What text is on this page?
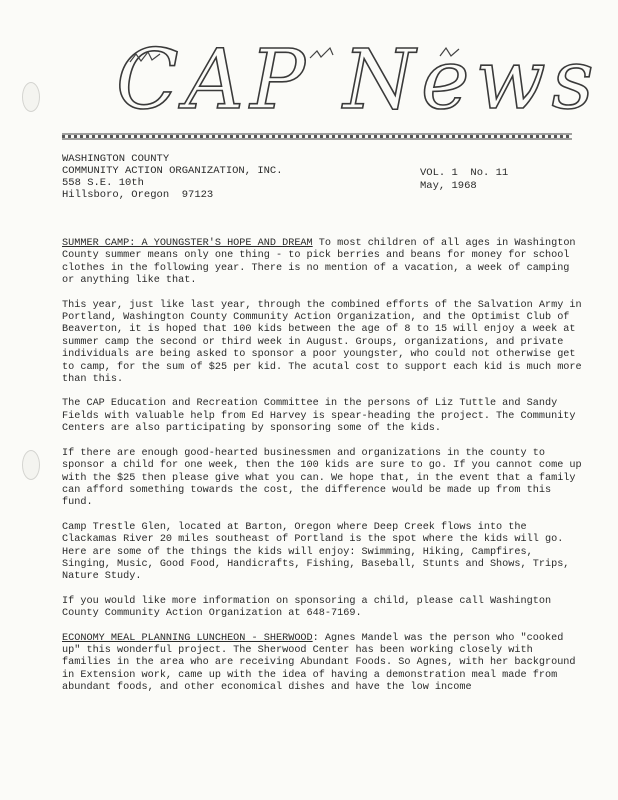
CAP News
WASHINGTON COUNTY
COMMUNITY ACTION ORGANIZATION, INC.
558 S.E. 10th
Hillsboro, Oregon  97123
VOL. 1  No. 11
May, 1968

SUMMER CAMP: A YOUNGSTER'S HOPE AND DREAM To most children of all ages in Washington County summer means only one thing - to pick berries and beans for money for school clothes in the following year. There is no mention of a vacation, a week of camping or anything like that.

This year, just like last year, through the combined efforts of the Salvation Army in Portland, Washington County Community Action Organization, and the Optimist Club of Beaverton, it is hoped that 100 kids between the age of 8 to 15 will enjoy a week at summer camp the second or third week in August. Groups, organizations, and private individuals are being asked to sponsor a poor youngster, who could not otherwise get to camp, for the sum of $25 per kid. The acutal cost to support each kid is much more than this.

The CAP Education and Recreation Committee in the persons of Liz Tuttle and Sandy Fields with valuable help from Ed Harvey is spear-heading the project. The Community Centers are also participating by sponsoring some of the kids.

If there are enough good-hearted businessmen and organizations in the county to sponsor a child for one week, then the 100 kids are sure to go. If you cannot come up with the $25 then please give what you can. We hope that, in the event that a family can afford something towards the cost, the difference would be made up from this fund.

Camp Trestle Glen, located at Barton, Oregon where Deep Creek flows into the Clackamas River 20 miles southeast of Portland is the spot where the kids will go. Here are some of the things the kids will enjoy: Swimming, Hiking, Campfires, Singing, Music, Good Food, Handicrafts, Fishing, Baseball, Stunts and Shows, Trips, Nature Study.

If you would like more information on sponsoring a child, please call Washington County Community Action Organization at 648-7169.

ECONOMY MEAL PLANNING LUNCHEON - SHERWOOD: Agnes Mandel was the person who "cooked up" this wonderful project. The Sherwood Center has been working closely with families in the area who are receiving Abundant Foods. So Agnes, with her background in Extension work, came up with the idea of having a demonstration meal made from abundant foods, and other economical dishes and have the low income
